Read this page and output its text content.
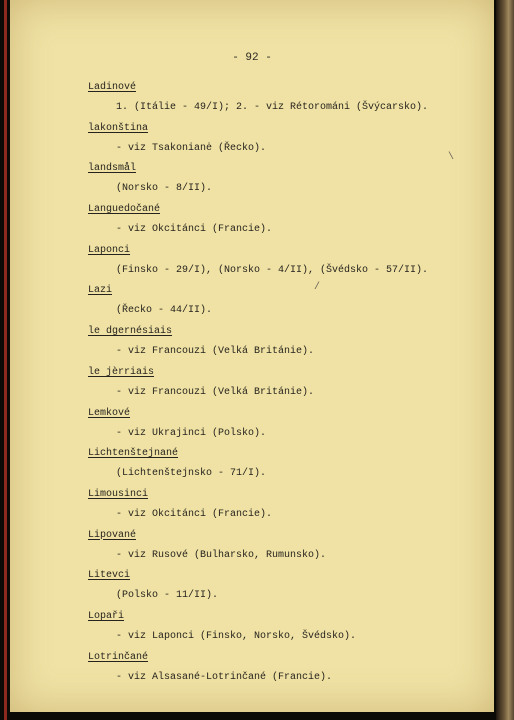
- 92 -
Ladinové
1. (Itálie - 49/I); 2. - viz Rétorománi (Švýcarsko).
lakonština
- viz Tsakonianė (Řecko).
landsmål
(Norsko - 8/II).
Languedočané
- viz Okcitánci (Francie).
Laponci
(Finsko - 29/I), (Norsko - 4/II), (Švédsko - 57/II).
Lazi
(Řecko - 44/II).
le dgernésiais
- viz Francouzi (Velká Británie).
le jèrriais
- viz Francouzi (Velká Británie).
Lemkové
- viz Ukrajinci (Polsko).
Lichtenštejnané
(Lichtenštejnsko - 71/I).
Limousinci
- viz Okcitánci (Francie).
Lipované
- viz Rusové (Bulharsko, Rumunsko).
Litevci
(Polsko - 11/II).
Lopaři
- viz Laponci (Finsko, Norsko, Švédsko).
Lotrinčané
- viz Alsasané-Lotrinčané (Francie).
\
/
